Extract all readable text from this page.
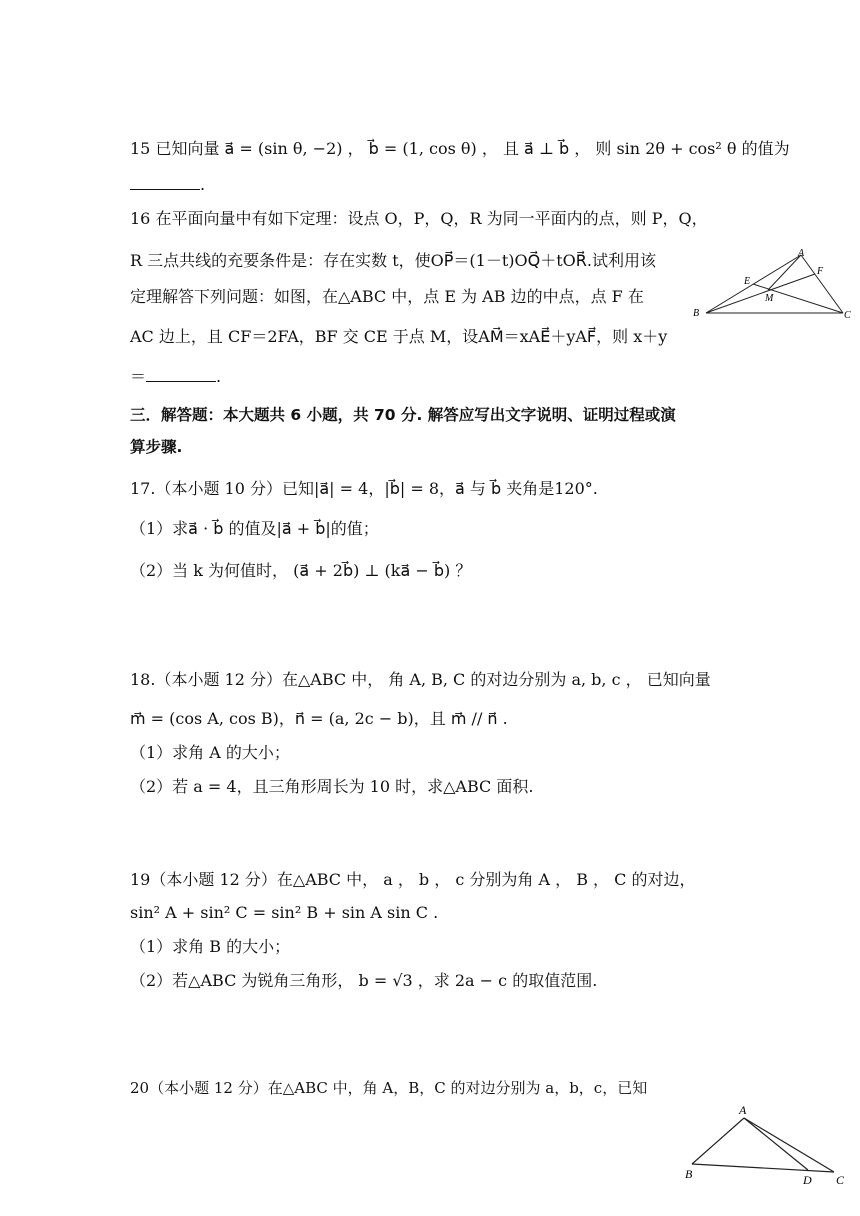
15 已知向量 a⃗ = (sin θ, −2) ， b⃗ = (1, cos θ) ， 且 a⃗ ⊥ b⃗ ， 则 sin 2θ + cos² θ 的值为
.
16 在平面向量中有如下定理：设点 O，P，Q，R 为同一平面内的点，则 P，Q，
R 三点共线的充要条件是：存在实数 t，使OP⃗＝(1－t)OQ⃗＋tOR⃗.试利用该
定理解答下列问题：如图，在△ABC 中，点 E 为 AB 边的中点，点 F 在
AC 边上，且 CF＝2FA，BF 交 CE 于点 M，设AM⃗＝xAE⃗＋yAF⃗，则 x＋y
＝	.
A
E
F
M
B	C
三．解答题：本大题共 6 小题，共 70 分. 解答应写出文字说明、证明过程或演
算步骤.
17.（本小题 10 分）已知|a⃗| = 4，|b⃗| = 8，a⃗ 与 b⃗ 夹角是120°.
（1）求a⃗ · b⃗ 的值及|a⃗ + b⃗|的值；
（2）当 k 为何值时， (a⃗ + 2b⃗) ⊥ (ka⃗ − b⃗) ？
18.（本小题 12 分）在△ABC 中， 角 A, B, C 的对边分别为 a, b, c ， 已知向量
m⃗ = (cos A, cos B)，n⃗ = (a, 2c − b)，且 m⃗ // n⃗ .
（1）求角 A 的大小；
（2）若 a = 4，且三角形周长为 10 时，求△ABC 面积.
19（本小题 12 分）在△ABC 中， a ， b ， c 分别为角 A ， B ， C 的对边，
sin² A + sin² C = sin² B + sin A sin C .
（1）求角 B 的大小；
（2）若△ABC 为锐角三角形， b = √3 ，求 2a − c 的取值范围.
20（本小题 12 分）在△ABC 中，角 A，B，C 的对边分别为 a，b，c，已知
A
B	D C
